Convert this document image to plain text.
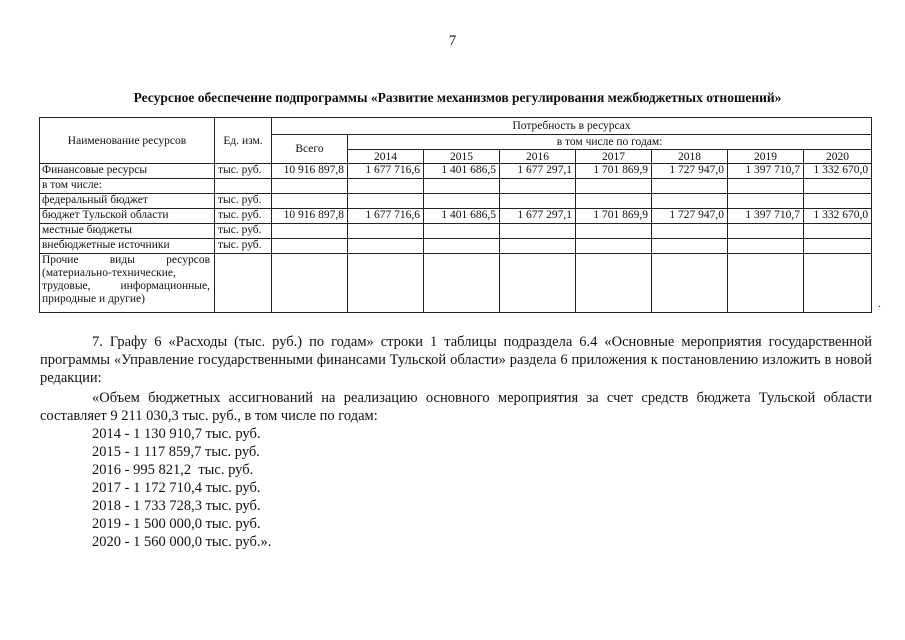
7
Ресурсное обеспечение подпрограммы «Развитие механизмов регулирования межбюджетных отношений»
Наименование ресурсов	Ед. изм.	Потребность в ресурсах							
		Всего	в том числе по годам:						
			2014	2015	2016	2017	2018	2019	2020
Финансовые ресурсы	тыс. руб.	10 916 897,8	1 677 716,6	1 401 686,5	1 677 297,1	1 701 869,9	1 727 947,0	1 397 710,7	1 332 670,0
в том числе:									
федеральный бюджет	тыс. руб.								
бюджет Тульской области	тыс. руб.	10 916 897,8	1 677 716,6	1 401 686,5	1 677 297,1	1 701 869,9	1 727 947,0	1 397 710,7	1 332 670,0
местные бюджеты	тыс. руб.								
внебюджетные источники	тыс. руб.								

Прочие виды ресурсов (материально-технические, трудовые, информационные, природные и другие)									
										.

7. Графу 6 «Расходы (тыс. руб.) по годам» строки 1 таблицы подраздела 6.4 «Основные мероприятия государственной программы «Управление государственными финансами Тульской области» раздела 6 приложения к постановлению изложить в новой редакции:

«Объем бюджетных ассигнований на реализацию основного мероприятия за счет средств бюджета Тульской области составляет 9 211 030,3 тыс. руб., в том числе по годам:

2014 - 1 130 910,7 тыс. руб.
2015 - 1 117 859,7 тыс. руб.
2016 - 995 821,2  тыс. руб.
2017 - 1 172 710,4 тыс. руб.
2018 - 1 733 728,3 тыс. руб.
2019 - 1 500 000,0 тыс. руб.
2020 - 1 560 000,0 тыс. руб.».
